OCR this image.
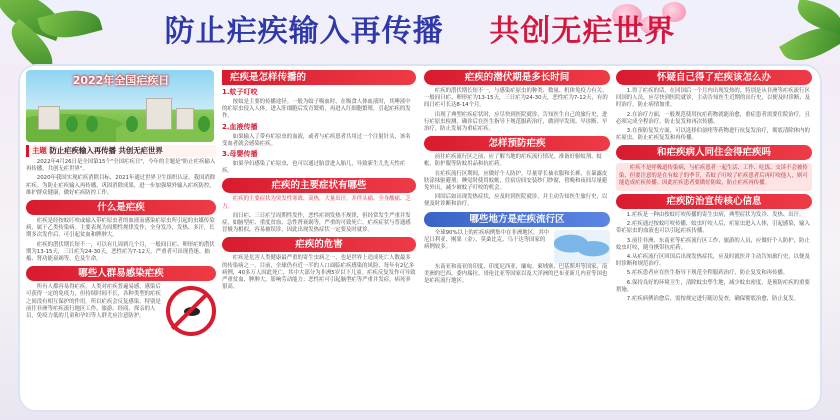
防止疟疾输入再传播 共创无疟世界
2022年全国疟疾日
主题 防止疟疾输入再传播 共创无疟世界

2022年4月26日是全国第15个"全国疟疾日"，今年的主题是"防止疟疾输入再传播，共创无疟世界"。

2020年我国实现疟疾消除目标，2021年通过世界卫生组织认证，我国消除疟疾。为防止疟疾输入再传播，巩固消除成果，进一步加强境外输入疟疾防控，维护群众健康，做好疟疾防控工作。

什么是疟疾

疟疾是经按蚊叮咬或输入带疟原虫者的血液而感染疟原虫所引起的虫媒传染病，属于乙类传染病。主要表现为周期性规律发作，全身发冷、发热、多汗，长期多次发作后，可引起贫血和脾肿大。

疟疾的潜伏期长短不一，可以有几周到几个月，一般间日疟、卵形疟的潜伏期为13-15天，三日疟为24-30天，恶性疟为7-12天。严重者可出现昏迷、抽搐、肾功能衰竭等，危及生命。

哪些人群易感染疟疾

所有人都容易得疟疾。人类对疟疾普遍易感，感染后可获得一定的免疫力，但持续时间不长，各种类型的疟疾之间没有相互保护的作用。所以疟疾会反复感染。特别是前往非洲等疟疾流行地区工作、旅游、经商、探亲的人员，免疫力低的儿童和孕妇等人群尤应注意防护。

疟疾是怎样传播的
1.蚊子叮咬

按蚊是主要的传播途径。一般为蚊子吸血时，在吸食人体血液时，其唾液中的疟原虫侵入人体，进入肝细胞后发育繁殖，再进入红细胞繁殖，引起疟疾的发作。

2.血液传播

如果输入了带有疟原虫的血液，或者与疟疾患者共用过一个注射针头，该名受血者就会感染疟疾。

3.母婴传播

如果孕妇感染了疟原虫，也可以通过胎盘进入胎儿，导致新生儿先天性疟疾。

疟疾的主要症状有哪些

疟疾的主要症状为突发性寒战、高热，大量出汗，并伴头痛、全身酸痛、乏力。

间日疟、三日疟呈周期性发作，恶性疟则发热不规律，但经常发生严重并发症，如脑型疟、重度贫血、急性肾衰竭等，严重的可致死亡。疟疾症状与普通感冒极为相似，容易被误诊，因此出现发热症状一定要及时就诊。

疟疾的危害

疟疾是危害人类健康最严重的寄生虫病之一，也是世界上造成死亡人数最多的传染病之一。目前，全球仍有近一半的人口面临疟疾感染的风险，每年有2亿多病例，40多万人因此死亡，其中大部分为非洲5岁以下儿童。疟疾反复发作可导致严重贫血、脾肿大，影响劳动能力；恶性疟可引起脑型疟等严重并发症，病死率很高。

疟疾的潜伏期是多长时间

疟疾的潜伏期长短不一，与感染疟原虫的种类、数量、机体免疫力有关。一般间日疟、卵形疟为13-15天，三日疟为24-30天，恶性疟为7-12天，有的间日疟可长达8-14个月。

出现了典型疟疾症状时，应尽快到医院就诊，告知医生自己的旅行史，进行疟原虫检测，确诊后在医生指导下规范服药治疗，做到早发现、早诊断、早治疗，防止发展为重症疟疾。

怎样预防疟疾

前往疟疾流行区之前，应了解当地的疟疾流行情况，准备好驱蚊剂、蚊帐、防护服等防蚊用品和抗疟药。

在疟疾流行区期间，应做好个人防护，尽量穿长袖衣服和长裤，在暴露皮肤涂抹驱避剂，睡觉时使用蚊帐，住宿房间安装纱门纱窗，傍晚和夜间尽量避免外出，减少被蚊子叮咬的机会。

回国后如出现发热症状，应及时到医院就诊，并主动告知医生旅行史，以便及时诊断和治疗。

哪些地方是疟疾流行区

全球90%以上的疟疾病例集中在非洲地区，其中尼日利亚、刚果（金）、莫桑比克、乌干达等国家的病例较多。

东南亚和南亚的印度、印度尼西亚、缅甸、柬埔寨、巴基斯坦等国家，南美洲的巴西、委内瑞拉、哥伦比亚等国家以及大洋洲的巴布亚新几内亚等国也是疟疾流行地区。

怀疑自己得了疟疾该怎么办

1.得了疟疾的话，在回国后一个月内出现发热的，特别是从非洲等疟疾流行区回国的人员，应尽快到医院就诊，主动告知医生近期的出行史，以便及时诊断、及时治疗，防止病情加重。

2.在治疗方面，一般规范使用抗疟药物就能治愈，重症患者需要住院治疗，且必须完成全程治疗，防止复发和再次传播。

3.在预防复发方面，可以选择伯氨喹等药物进行抗复发治疗，彻底清除体内的疟原虫，防止疟疾复发和再传播。

和疟疾病人同住会得疟疾吗

疟疾不是呼吸道传染病，与疟疾患者一起生活、工作、吃饭、交谈不会被传染，但要注意的是在有蚊子的季节，若蚊子叮咬了疟疾患者后再叮咬他人，则可能造成疟疾传播。因此疟疾患者要做好防蚊，防止疟疾再传播。

疟疾防治宣传核心信息

1.疟疾是一种由按蚊叮咬传播的寄生虫病，典型症状为发冷、发热、出汗。

2.疟疾通过按蚊叮咬传播，蚊虫叮咬人后，疟原虫进入人体，引起感染，输入带疟原虫的血液也可以引起疟疾传播。

3.前往非洲、东南亚等疟疾流行区工作、旅游的人员，应做好个人防护，防止蚊虫叮咬，随身携带抗疟药。

4.从疟疾流行区回国后出现发热症状，应及时就医并主动告知旅行史，以便及时诊断和规范治疗。

5.疟疾患者应在医生指导下规范全程服药治疗，防止复发和再传播。

6.保持良好的环境卫生，清除蚊虫孳生地，减少蚊虫密度，是预防疟疾的重要措施。

7.疟疾病例治愈后，需按规定进行随访复查，确保彻底治愈，防止复发。
